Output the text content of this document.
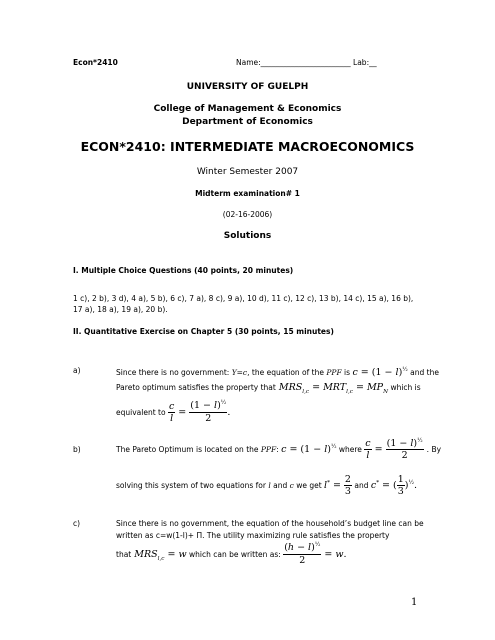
Econ*2410	Name:________________________ Lab:__
UNIVERSITY OF GUELPH
College of Management & Economics
Department of Economics
ECON*2410: INTERMEDIATE MACROECONOMICS
Winter Semester 2007
Midterm examination# 1
(02-16-2006)
Solutions
I. Multiple Choice Questions (40 points, 20 minutes)
1 c), 2 b), 3 d), 4 a), 5 b), 6 c), 7 a), 8 c), 9 a), 10 d), 11 c), 12 c), 13 b), 14 c), 15 a), 16 b),
17 a), 18 a), 19 a), 20 b).
II. Quantitative Exercise on Chapter 5 (30 points, 15 minutes)
a)	Since there is no government: Y=c, the equation of the PPF is $c = (1 - l)^{\frac{1}{2}}$ and the
Pareto optimum satisfies the property that $MRS_{l,c} = MRT_{l,c} = MP_N$ which is
equivalent to $\frac{c}{l} = \frac{(1 - l)^{\frac{1}{2}}}{2}$ .
b)	The Pareto Optimum is located on the PPF: $c = (1 - l)^{\frac{1}{2}}$ where $\frac{c}{l} = \frac{(1 - l)^{\frac{1}{2}}}{2}$ . By
solving this system of two equations for l and c we get $l^* = \frac{2}{3}$ and c* = ( $\frac{1}{3} )^{\frac{1}{2}}$.
c)	Since there is no government, the equation of the household’s budget line can be
written as c=w(1-l)+ Π. The utility maximizing rule satisfies the property
that $MRS_{l,c} = w$ which can be written as: $\frac{(h - l)^{\frac{1}{2}}}{2} = w$.
1
